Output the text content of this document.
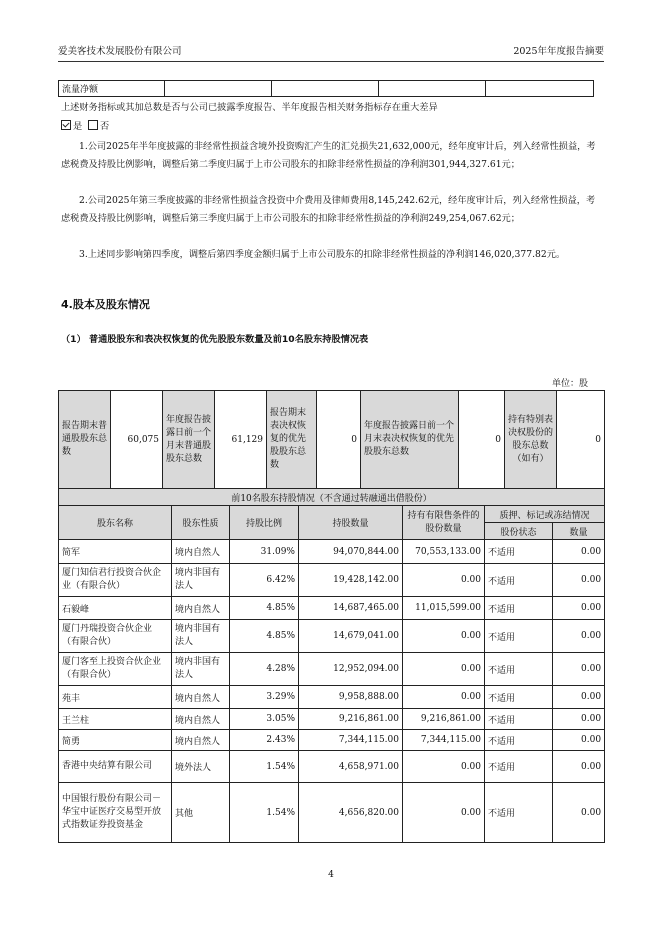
爱美客技术发展股份有限公司	2025年年度报告摘要
流量净额				
上述财务指标或其加总数是否与公司已披露季度报告、半年度报告相关财务指标存在重大差异
是 否
1.公司2025年半年度披露的非经常性损益含境外投资购汇产生的汇兑损失21,632,000元，经年度审计后，列入经常性损益，考虑税费及持股比例影响，调整后第二季度归属于上市公司股东的扣除非经常性损益的净利润301,944,327.61元；
2.公司2025年第三季度披露的非经常性损益含投资中介费用及律师费用8,145,242.62元，经年度审计后，列入经常性损益，考虑税费及持股比例影响，调整后第三季度归属于上市公司股东的扣除非经常性损益的净利润249,254,067.62元；
3.上述同步影响第四季度，调整后第四季度金额归属于上市公司股东的扣除非经常性损益的净利润146,020,377.82元。
4.股本及股东情况
（1） 普通股股东和表决权恢复的优先股股东数量及前10名股东持股情况表
单位：股
报告期末普通股股东总数	60,075	年度报告披露日前一个月末普通股股东总数	61,129	报告期末表决权恢复的优先股股东总数	0	年度报告披露日前一个月末表决权恢复的优先股股东总数	0	持有特别表决权股份的股东总数（如有）	0
前10名股东持股情况（不含通过转融通出借股份）						
股东名称	股东性质	持股比例	持股数量	持有有限售条件的股份数量	质押、标记或冻结情况	
					股份状态	数量
简军	境内自然人	31.09%	94,070,844.00	70,553,133.00	不适用	0.00
厦门知信君行投资合伙企业（有限合伙）	境内非国有法人	6.42%	19,428,142.00	0.00	不适用	0.00
石毅峰	境内自然人	4.85%	14,687,465.00	11,015,599.00	不适用	0.00
厦门丹瑞投资合伙企业（有限合伙）	境内非国有法人	4.85%	14,679,041.00	0.00	不适用	0.00
厦门客至上投资合伙企业（有限合伙）	境内非国有法人	4.28%	12,952,094.00	0.00	不适用	0.00
苑丰	境内自然人	3.29%	9,958,888.00	0.00	不适用	0.00
王兰柱	境内自然人	3.05%	9,216,861.00	9,216,861.00	不适用	0.00
简勇	境内自然人	2.43%	7,344,115.00	7,344,115.00	不适用	0.00
香港中央结算有限公司	境外法人	1.54%	4,658,971.00	0.00	不适用	0.00
中国银行股份有限公司－华宝中证医疗交易型开放式指数证券投资基金	其他	1.54%	4,656,820.00	0.00	不适用	0.00
4
